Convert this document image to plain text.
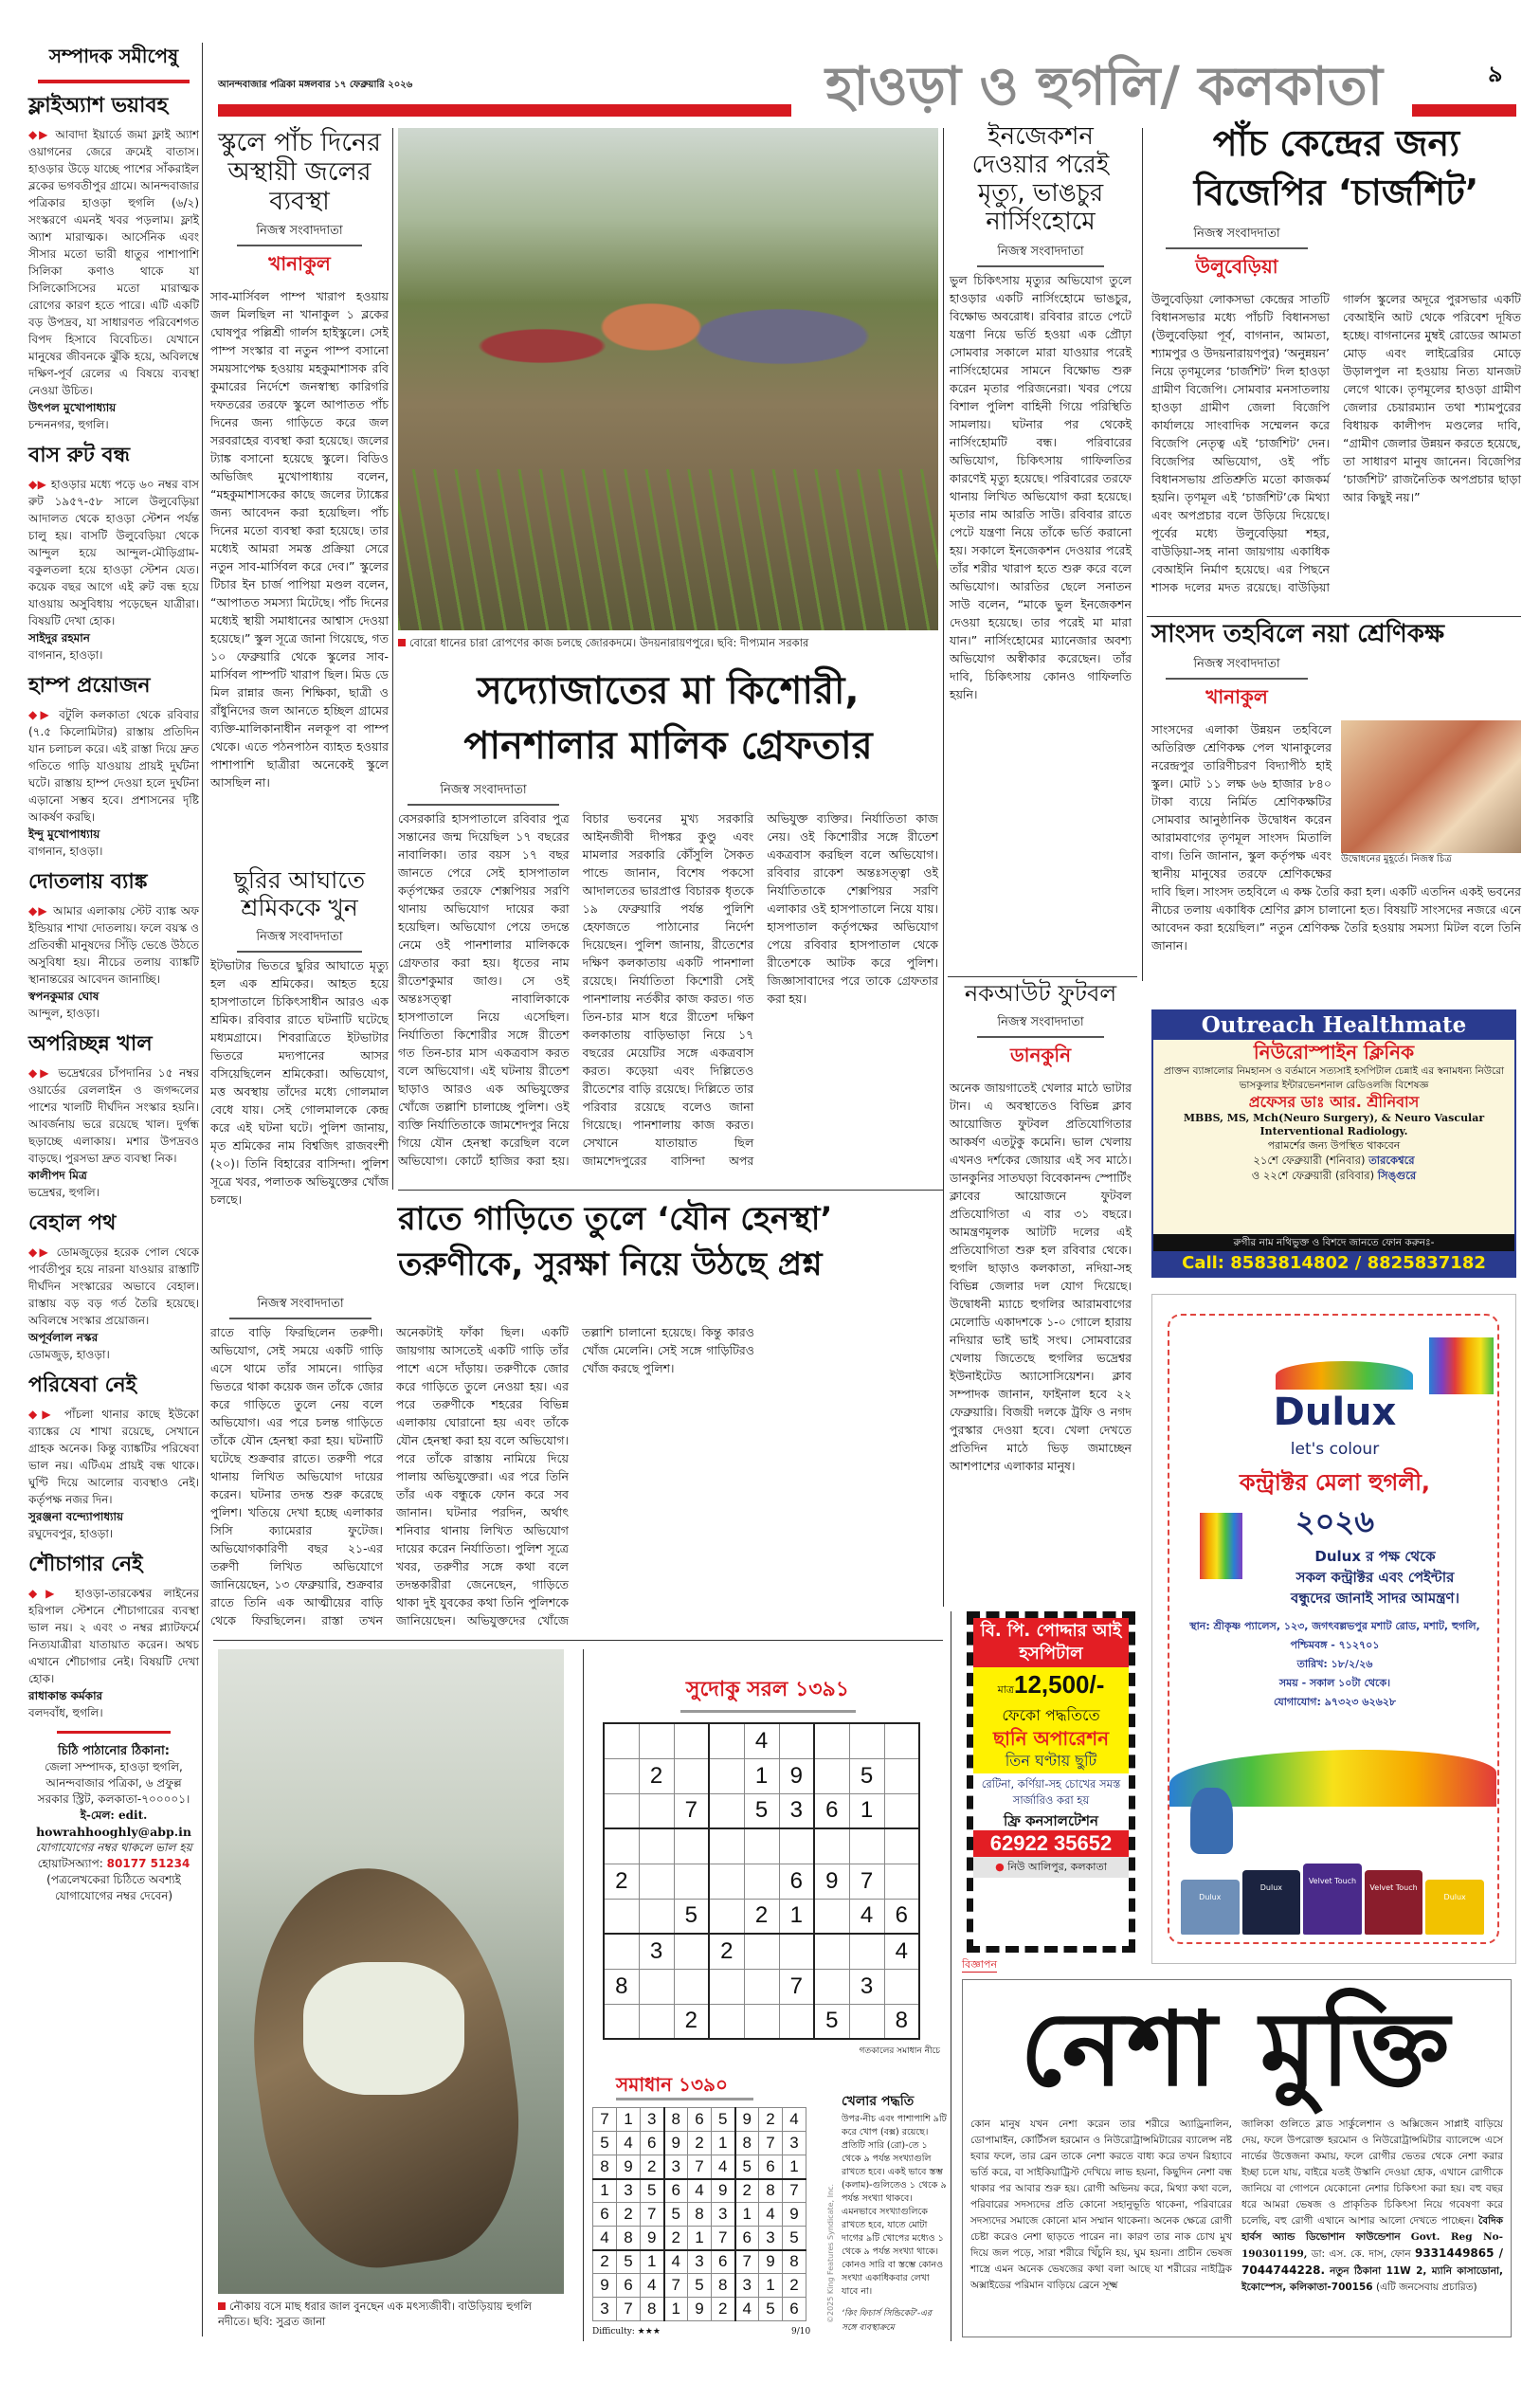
আনন্দবাজার পত্রিকা মঙ্গলবার ১৭ ফেব্রুয়ারি ২০২৬	হাওড়া ও হুগলি/ কলকাতা	৯
সম্পাদক সমীপেষু
ফ্লাইঅ্যাশ ভয়াবহ
◆▶ আবাদা ইয়ার্ডে জমা ফ্লাই অ্যাশ ওয়াগনের জেরে ক্রমেই বাতাস। হাওড়ার উড়ে যাচ্ছে পাশের সাঁকরাইল ব্লকের ভগবতীপুর গ্রামে। আনন্দবাজার পত্রিকার হাওড়া হুগলি (৬/২) সংস্করণে এমনই খবর পড়লাম। ফ্লাই অ্যাশ মারাত্মক। আর্সেনিক এবং সীসার মতো ভারী ধাতুর পাশাপাশি সিলিকা কণাও থাকে যা সিলিকোসিসের মতো মারাত্মক রোগের কারণ হতে পারে। এটি একটি বড় উপদ্রব, যা সাধারণত পরিবেশগত বিপদ হিসাবে বিবেচিত। যেখানে মানুষের জীবনকে ঝুঁকি হয়ে, অবিলম্বে দক্ষিণ-পূর্ব রেলের এ বিষয়ে ব্যবস্থা নেওয়া উচিত।
উৎপল মুখোপাধ্যায়
চন্দননগর, হুগলি।
বাস রুট বন্ধ
◆▶ হাওড়ার মধ্যে পড়ে ৬০ নম্বর বাস রুট ১৯৫৭-৫৮ সালে উলুবেড়িয়া আদালত থেকে হাওড়া স্টেশন পর্যন্ত চালু হয়। বাসটি উলুবেড়িয়া থেকে আন্দুল হয়ে আন্দুল-মৌড়িগ্রাম-বকুলতলা হয়ে হাওড়া স্টেশন যেত। কয়েক বছর আগে এই রুট বন্ধ হয়ে যাওয়ায় অসুবিধায় পড়েছেন যাত্রীরা। বিষয়টি দেখা হোক।
সাইদুর রহমান
বাগনান, হাওড়া।
হাম্প প্রয়োজন
◆▶ বটুলি কলকাতা থেকে রবিবার (৭.৫ কিলোমিটার) রাস্তায় প্রতিদিন যান চলাচল করে। এই রাস্তা দিয়ে দ্রুত গতিতে গাড়ি যাওয়ায় প্রায়ই দুর্ঘটনা ঘটে। রাস্তায় হাম্প দেওয়া হলে দুর্ঘটনা এড়ানো সম্ভব হবে। প্রশাসনের দৃষ্টি আকর্ষণ করছি।
ইন্দু মুখোপাধ্যায়
বাগনান, হাওড়া।
দোতলায় ব্যাঙ্ক
◆▶ আমার এলাকায় স্টেট ব্যাঙ্ক অফ ইন্ডিয়ার শাখা দোতলায়। ফলে বয়স্ক ও প্রতিবন্ধী মানুষদের সিঁড়ি ভেঙে উঠতে অসুবিধা হয়। নীচের তলায় ব্যাঙ্কটি স্থানান্তরের আবেদন জানাচ্ছি।
স্বপনকুমার ঘোষ
আন্দুল, হাওড়া।
অপরিচ্ছন্ন খাল
◆▶ ভদ্রেশ্বরের চাঁপদানির ১৫ নম্বর ওয়ার্ডের রেললাইন ও জগদ্দলের পাশের খালটি দীর্ঘদিন সংস্কার হয়নি। আবর্জনায় ভরে রয়েছে খাল। দুর্গন্ধ ছড়াচ্ছে এলাকায়। মশার উপদ্রবও বাড়ছে। পুরসভা দ্রুত ব্যবস্থা নিক।
কালীপদ মিত্র
ভদ্রেশ্বর, হুগলি।
বেহাল পথ
◆▶ ডোমজুড়ের হরেক পোল থেকে পার্বতীপুর হয়ে নারনা যাওয়ার রাস্তাটি দীর্ঘদিন সংস্কারের অভাবে বেহাল। রাস্তায় বড় বড় গর্ত তৈরি হয়েছে। অবিলম্বে সংস্কার প্রয়োজন।
অপূর্বলাল নস্কর
ডোমজুড়, হাওড়া।
পরিষেবা নেই
◆▶ পাঁচলা থানার কাছে ইউকো ব্যাঙ্কের যে শাখা রয়েছে, সেখানে গ্রাহক অনেক। কিন্তু ব্যাঙ্কটির পরিষেবা ভাল নয়। এটিএম প্রায়ই বন্ধ থাকে। ঘুণ্টি দিয়ে আলোর ব্যবস্থাও নেই। কর্তৃপক্ষ নজর দিন।
সুরঞ্জনা বন্দ্যোপাধ্যায়
রঘুদেবপুর, হাওড়া।
শৌচাগার নেই
◆▶ হাওড়া-তারকেশ্বর লাইনের হরিপাল স্টেশনে শৌচাগারের ব্যবস্থা ভাল নয়। ২ এবং ৩ নম্বর প্ল্যাটফর্মে নিত্যযাত্রীরা যাতায়াত করেন। অথচ এখানে শৌচাগার নেই। বিষয়টি দেখা হোক।
রাধাকান্ত কর্মকার
বলদবাঁধ, হুগলি।
চিঠি পাঠানোর ঠিকানা:
জেলা সম্পাদক, হাওড়া হুগলি, আনন্দবাজার পত্রিকা, ৬ প্রফুল্ল সরকার স্ট্রিট, কলকাতা-৭০০০০১।
ই-মেল: edit.
howrahhooghly@abp.in
যোগাযোগের নম্বর থাকলে ভাল হয়
হোয়াটসঅ্যাপ: 80177 51234
(পত্রলেখকেরা চিঠিতে অবশ্যই যোগাযোগের নম্বর দেবেন)
স্কুলে পাঁচ দিনের অস্থায়ী জলের ব্যবস্থা
নিজস্ব সংবাদদাতা
খানাকুল
সাব-মার্সিবল পাম্প খারাপ হওয়ায় জল মিলছিল না খানাকুল ১ ব্লকের ঘোষপুর পল্লিশ্রী গার্লস হাইস্কুলে। সেই পাম্প সংস্কার বা নতুন পাম্প বসানো সময়সাপেক্ষ হওয়ায় মহকুমাশাসক রবি কুমারের নির্দেশে জনস্বাস্থ্য কারিগরি দফতরের তরফে স্কুলে আপাতত পাঁচ দিনের জন্য গাড়িতে করে জল সরবরাহের ব্যবস্থা করা হয়েছে। জলের ট্যাঙ্ক বসানো হয়েছে স্কুলে। বিডিও অভিজিৎ মুখোপাধ্যায় বলেন, “মহকুমাশাসকের কাছে জলের ট্যাঙ্কের জন্য আবেদন করা হয়েছিল। পাঁচ দিনের মতো ব্যবস্থা করা হয়েছে। তার মধ্যেই আমরা সমস্ত প্রক্রিয়া সেরে নতুন সাব-মার্সিবল করে দেব।” স্কুলের টিচার ইন চার্জ পাপিয়া মণ্ডল বলেন, “আপাতত সমস্যা মিটেছে। পাঁচ দিনের মধ্যেই স্থায়ী সমাধানের আশ্বাস দেওয়া হয়েছে।” স্কুল সূত্রে জানা গিয়েছে, গত ১০ ফেব্রুয়ারি থেকে স্কুলের সাব-মার্সিবল পাম্পটি খারাপ ছিল। মিড ডে মিল রান্নার জন্য শিক্ষিকা, ছাত্রী ও রাঁধুনিদের জল আনতে হচ্ছিল গ্রামের ব্যক্তি-মালিকানাধীন নলকূপ বা পাম্প থেকে। এতে পঠনপাঠন ব্যাহত হওয়ার পাশাপাশি ছাত্রীরা অনেকেই স্কুলে আসছিল না।
ছুরির আঘাতে শ্রমিককে খুন
নিজস্ব সংবাদদাতা
ইটভাটার ভিতরে ছুরির আঘাতে মৃত্যু হল এক শ্রমিকের। আহত হয়ে হাসপাতালে চিকিৎসাধীন আরও এক শ্রমিক। রবিবার রাতে ঘটনাটি ঘটেছে মধ্যমগ্রামে। শিবরাত্রিতে ইটভাটার ভিতরে মদ্যপানের আসর বসিয়েছিলেন শ্রমিকেরা। অভিযোগ, মত্ত অবস্থায় তাঁদের মধ্যে গোলমাল বেধে যায়। সেই গোলমালকে কেন্দ্র করে এই ঘটনা ঘটে। পুলিশ জানায়, মৃত শ্রমিকের নাম বিশ্বজিৎ রাজবংশী (২০)। তিনি বিহারের বাসিন্দা। পুলিশ সূত্রে খবর, পলাতক অভিযুক্তের খোঁজ চলছে।
বোরো ধানের চারা রোপণের কাজ চলছে জোরকদমে। উদয়নারায়ণপুরে। ছবি: দীপ্যমান সরকার
সদ্যোজাতের মা কিশোরী, পানশালার মালিক গ্রেফতার
নিজস্ব সংবাদদাতা
বেসরকারি হাসপাতালে রবিবার পুত্র সন্তানের জন্ম দিয়েছিল ১৭ বছরের নাবালিকা। তার বয়স ১৭ বছর জানতে পেরে সেই হাসপাতাল কর্তৃপক্ষের তরফে শেক্সপিয়র সরণি থানায় অভিযোগ দায়ের করা হয়েছিল। অভিযোগ পেয়ে তদন্তে নেমে ওই পানশালার মালিককে গ্রেফতার করা হয়। ধৃতের নাম রীতেশকুমার জাগু। সে ওই অন্তঃসত্ত্বা নাবালিকাকে হাসপাতালে নিয়ে এসেছিল। নির্যাতিতা কিশোরীর সঙ্গে রীতেশ গত তিন-চার মাস একত্রবাস করত বলে অভিযোগ। এই ঘটনায় রীতেশ ছাড়াও আরও এক অভিযুক্তের খোঁজে তল্লাশি চালাচ্ছে পুলিশ। ওই ব্যক্তি নির্যাতিতাকে জামশেদপুর নিয়ে গিয়ে যৌন হেনস্থা করেছিল বলে অভিযোগ। কোর্টে হাজির করা হয়। বিচার ভবনের মুখ্য সরকারি আইনজীবী দীপঙ্কর কুণ্ডু এবং মামলার সরকারি কৌঁসুলি সৈকত পান্ডে জানান, বিশেষ পকসো আদালতের ভারপ্রাপ্ত বিচারক ধৃতকে ১৯ ফেব্রুয়ারি পর্যন্ত পুলিশি হেফাজতে পাঠানোর নির্দেশ দিয়েছেন। পুলিশ জানায়, রীতেশের দক্ষিণ কলকাতায় একটি পানশালা রয়েছে। নির্যাতিতা কিশোরী সেই পানশালায় নর্তকীর কাজ করত। গত তিন-চার মাস ধরে রীতেশ দক্ষিণ কলকাতায় বাড়িভাড়া নিয়ে ১৭ বছরের মেয়েটির সঙ্গে একত্রবাস করত। কড়েয়া এবং দিল্লিতেও রীতেশের বাড়ি রয়েছে। দিল্লিতে তার পরিবার রয়েছে বলেও জানা গিয়েছে। পানশালায় কাজ করত। সেখানে যাতায়াত ছিল জামশেদপুরের বাসিন্দা অপর অভিযুক্ত ব্যক্তির। নির্যাতিতা কাজ নেয়। ওই কিশোরীর সঙ্গে রীতেশ একত্রবাস করছিল বলে অভিযোগ। রবিবার রাকেশ অন্তঃসত্ত্বা ওই নির্যাতিতাকে শেক্সপিয়র সরণি এলাকার ওই হাসপাতালে নিয়ে যায়। হাসপাতাল কর্তৃপক্ষের অভিযোগ পেয়ে রবিবার হাসপাতাল থেকে রীতেশকে আটক করে পুলিশ। জিজ্ঞাসাবাদের পরে তাকে গ্রেফতার করা হয়।
ইনজেকশন দেওয়ার পরেই মৃত্যু, ভাঙচুর নার্সিংহোমে
নিজস্ব সংবাদদাতা
ভুল চিকিৎসায় মৃত্যুর অভিযোগ তুলে হাওড়ার একটি নার্সিংহোমে ভাঙচুর, বিক্ষোভ অবরোধ। রবিবার রাতে পেটে যন্ত্রণা নিয়ে ভর্তি হওয়া এক প্রৌঢ়া সোমবার সকালে মারা যাওয়ার পরেই নার্সিংহোমের সামনে বিক্ষোভ শুরু করেন মৃতার পরিজনেরা। খবর পেয়ে বিশাল পুলিশ বাহিনী গিয়ে পরিস্থিতি সামলায়। ঘটনার পর থেকেই নার্সিংহোমটি বন্ধ। পরিবারের অভিযোগ, চিকিৎসায় গাফিলতির কারণেই মৃত্যু হয়েছে। পরিবারের তরফে থানায় লিখিত অভিযোগ করা হয়েছে। মৃতার নাম আরতি সাউ। রবিবার রাতে পেটে যন্ত্রণা নিয়ে তাঁকে ভর্তি করানো হয়। সকালে ইনজেকশন দেওয়ার পরেই তাঁর শরীর খারাপ হতে শুরু করে বলে অভিযোগ। আরতির ছেলে সনাতন সাউ বলেন, “মাকে ভুল ইনজেকশন দেওয়া হয়েছে। তার পরেই মা মারা যান।” নার্সিংহোমের ম্যানেজার অবশ্য অভিযোগ অস্বীকার করেছেন। তাঁর দাবি, চিকিৎসায় কোনও গাফিলতি হয়নি।
পাঁচ কেন্দ্রের জন্য বিজেপির ‘চার্জশিট’
নিজস্ব সংবাদদাতা
উলুবেড়িয়া
উলুবেড়িয়া লোকসভা কেন্দ্রের সাতটি বিধানসভার মধ্যে পাঁচটি বিধানসভা (উলুবেড়িয়া পূর্ব, বাগনান, আমতা, শ্যামপুর ও উদয়নারায়ণপুর) ‘অনুন্নয়ন’ নিয়ে তৃণমূলের ‘চার্জশিট’ দিল হাওড়া গ্রামীণ বিজেপি। সোমবার মনসাতলায় হাওড়া গ্রামীণ জেলা বিজেপি কার্যালয়ে সাংবাদিক সম্মেলন করে বিজেপি নেতৃত্ব এই ‘চার্জশিট’ দেন। বিজেপির অভিযোগ, ওই পাঁচ বিধানসভায় প্রতিশ্রুতি মতো কাজকর্ম হয়নি। তৃণমূল এই ‘চার্জশিট’কে মিথ্যা এবং অপপ্রচার বলে উড়িয়ে দিয়েছে। পূর্বের মধ্যে উলুবেড়িয়া শহর, বাউড়িয়া-সহ নানা জায়গায় একাধিক বেআইনি নির্মাণ হয়েছে। এর পিছনে শাসক দলের মদত রয়েছে। বাউড়িয়া গার্লস স্কুলের অদূরে পুরসভার একটি বেআইনি আট থেকে পরিবেশ দূষিত হচ্ছে। বাগনানের মুম্বই রোডের আমতা মোড় এবং লাইব্রেরির মোড়ে উড়ালপুল না হওয়ায় নিত্য যানজট লেগে থাকে। তৃণমূলের হাওড়া গ্রামীণ জেলার চেয়ারম্যান তথা শ্যামপুরের বিধায়ক কালীপদ মণ্ডলের দাবি, “গ্রামীণ জেলার উন্নয়ন করতে হয়েছে, তা সাধারণ মানুষ জানেন। বিজেপির ‘চার্জশিট’ রাজনৈতিক অপপ্রচার ছাড়া আর কিছুই নয়।”
সাংসদ তহবিলে নয়া শ্রেণিকক্ষ
নিজস্ব সংবাদদাতা
খানাকুল
উদ্বোধনের মুহূর্তে। নিজস্ব চিত্র
সাংসদের এলাকা উন্নয়ন তহবিলে অতিরিক্ত শ্রেণিকক্ষ পেল খানাকুলের নরেন্দ্রপুর তারিণীচরণ বিদ্যাপীঠ হাই স্কুল। মোট ১১ লক্ষ ৬৬ হাজার ৮৪০ টাকা ব্যয়ে নির্মিত শ্রেণিকক্ষটির সোমবার আনুষ্ঠানিক উদ্বোধন করেন আরামবাগের তৃণমূল সাংসদ মিতালি বাগ। তিনি জানান, স্কুল কর্তৃপক্ষ এবং স্থানীয় মানুষের তরফে শ্রেণিকক্ষের দাবি ছিল। সাংসদ তহবিলে এ কক্ষ তৈরি করা হল। একটি এতদিন একই ভবনের নীচের তলায় একাধিক শ্রেণির ক্লাস চালানো হত। বিষয়টি সাংসদের নজরে এনে আবেদন করা হয়েছিল।” নতুন শ্রেণিকক্ষ তৈরি হওয়ায় সমস্যা মিটল বলে তিনি জানান।
নকআউট ফুটবল
নিজস্ব সংবাদদাতা
ডানকুনি
অনেক জায়গাতেই খেলার মাঠে ভাটার টান। এ অবস্থাতেও বিভিন্ন ক্লাব আয়োজিত ফুটবল প্রতিযোগিতার আকর্ষণ এতটুকু কমেনি। ভাল খেলায় এখনও দর্শকের জোয়ার এই সব মাঠে। ডানকুনির সাতঘড়া বিবেকানন্দ স্পোর্টিং ক্লাবের আয়োজনে ফুটবল প্রতিযোগিতা এ বার ৩১ বছরে। আমন্ত্রণমূলক আটটি দলের এই প্রতিযোগিতা শুরু হল রবিবার থেকে। হুগলি ছাড়াও কলকাতা, নদিয়া-সহ বিভিন্ন জেলার দল যোগ দিয়েছে। উদ্বোধনী ম্যাচে হুগলির আরামবাগের মেলোডি একাদশকে ১-০ গোলে হারায় নদিয়ার ভাই ভাই সংঘ। সোমবারের খেলায় জিতেছে হুগলির ভদ্রেশ্বর ইউনাইটেড অ্যাসোসিয়েশন। ক্লাব সম্পাদক জানান, ফাইনাল হবে ২২ ফেব্রুয়ারি। বিজয়ী দলকে ট্রফি ও নগদ পুরস্কার দেওয়া হবে। খেলা দেখতে প্রতিদিন মাঠে ভিড় জমাচ্ছেন আশপাশের এলাকার মানুষ।
রাতে গাড়িতে তুলে ‘যৌন হেনস্থা’ তরুণীকে, সুরক্ষা নিয়ে উঠছে প্রশ্ন
নিজস্ব সংবাদদাতা
রাতে বাড়ি ফিরছিলেন তরুণী। অভিযোগ, সেই সময়ে একটি গাড়ি এসে থামে তাঁর সামনে। গাড়ির ভিতরে থাকা কয়েক জন তাঁকে জোর করে গাড়িতে তুলে নেয় বলে অভিযোগ। এর পরে চলন্ত গাড়িতে তাঁকে যৌন হেনস্থা করা হয়। ঘটনাটি ঘটেছে শুক্রবার রাতে। তরুণী পরে থানায় লিখিত অভিযোগ দায়ের করেন। ঘটনার তদন্ত শুরু করেছে পুলিশ। খতিয়ে দেখা হচ্ছে এলাকার সিসি ক্যামেরার ফুটেজ। অভিযোগকারিণী বছর ২১-এর তরুণী লিখিত অভিযোগে জানিয়েছেন, ১৩ ফেব্রুয়ারি, শুক্রবার রাতে তিনি এক আত্মীয়ের বাড়ি থেকে ফিরছিলেন। রাস্তা তখন অনেকটাই ফাঁকা ছিল। একটি জায়গায় আসতেই একটি গাড়ি তাঁর পাশে এসে দাঁড়ায়। তরুণীকে জোর করে গাড়িতে তুলে নেওয়া হয়। এর পরে তরুণীকে শহরের বিভিন্ন এলাকায় ঘোরানো হয় এবং তাঁকে যৌন হেনস্থা করা হয় বলে অভিযোগ। পরে তাঁকে রাস্তায় নামিয়ে দিয়ে পালায় অভিযুক্তেরা। এর পরে তিনি তাঁর এক বন্ধুকে ফোন করে সব জানান। ঘটনার পরদিন, অর্থাৎ শনিবার থানায় লিখিত অভিযোগ দায়ের করেন নির্যাতিতা। পুলিশ সূত্রে খবর, তরুণীর সঙ্গে কথা বলে তদন্তকারীরা জেনেছেন, গাড়িতে থাকা দুই যুবকের কথা তিনি পুলিশকে জানিয়েছেন। অভিযুক্তদের খোঁজে তল্লাশি চালানো হয়েছে। কিন্তু কারও খোঁজ মেলেনি। সেই সঙ্গে গাড়িটিরও খোঁজ করছে পুলিশ।
নৌকায় বসে মাছ ধরার জাল বুনছেন এক মৎস্যজীবী। বাউড়িয়ায় হুগলি নদীতে। ছবি: সুব্রত জানা
সুদোকু সরল ১৩৯১
				4				
	2			1	9		5	
		7		5	3	6	1	

2					6	9	7	
		5		2	1		4	6
	3		2					4
8					7		3	
		2				5		8
গতকালের সমাধান নীচে
সমাধান ১৩৯০
7	1	3	8	6	5	9	2	4
5	4	6	9	2	1	8	7	3
8	9	2	3	7	4	5	6	1
1	3	5	6	4	9	2	8	7
6	2	7	5	8	3	1	4	9
4	8	9	2	1	7	6	3	5
2	5	1	4	3	6	7	9	8
9	6	4	7	5	8	3	1	2
3	7	8	1	9	2	4	5	6
Difficulty: ★★★	9/10
©2025 King Features Syndicate, Inc.
খেলার পদ্ধতি
উপর-নীচ এবং পাশাপাশি ৯টি করে খোপ (বক্স) রয়েছে। প্রতিটি সারি (রো)-তে ১ থেকে ৯ পর্যন্ত সংখ্যাগুলি রাখতে হবে। একই ভাবে স্তম্ভ (কলাম)-গুলিতেও ১ থেকে ৯ পর্যন্ত সংখ্যা থাকবে। এমনভাবে সংখ্যাগুলিকে রাখতে হবে, যাতে মোটা দাগের ৯টি খোপের মধ্যেও ১ থেকে ৯ পর্যন্ত সংখ্যা থাকে। কোনও সারি বা স্তম্ভে কোনও সংখ্যা একাধিকবার লেখা যাবে না।
‘কিং ফিচার্স সিন্ডিকেট’-এর সঙ্গে ব্যবস্থাক্রমে
Outreach Healthmate
নিউরোস্পাইন ক্লিনিক
প্রাক্তন ব্যাঙ্গালোর নিমহানস ও বর্তমানে সত্যসাই হসপিটাল চেন্নাই এর স্বনামধন্য নিউরো ভাসকুলার ইন্টারভেনশনাল রেডিওলজি বিশেষজ্ঞ
প্রফেসর ডাঃ আর. শ্রীনিবাস
MBBS, MS, Mch(Neuro Surgery), & Neuro Vascular Interventional Radiology.
পরামর্শের জন্য উপস্থিত থাকবেন
২১শে ফেব্রুয়ারী (শনিবার) তারকেশ্বরে
ও ২২শে ফেব্রুয়ারী (রবিবার) সিঙ্গুরে
রুগীর নাম নথিভুক্ত ও বিশদে জানতে ফোন করুনঃ-
Call: 8583814802 / 8825837182
Dulux
let's colour
কন্ট্রাক্টর মেলা হুগলী,
২০২৬
Dulux র পক্ষ থেকে
সকল কন্ট্রাক্টর এবং পেইন্টার
বন্ধুদের জানাই সাদর আমন্ত্রণ।
স্থান: শ্রীকৃষ্ণ প্যালেস, ১২৩, জগৎবল্লভপুর মশাট রোড, মশাট, হুগলি, পশ্চিমবঙ্গ - ৭১২৭০১
তারিখ: ১৮/২/২৬
সময় - সকাল ১০টা থেকে।
যোগাযোগ: ৯৭৩২৩ ৬২৬২৮
Dulux
Dulux
Velvet Touch
Velvet Touch
Dulux
বি. পি. পোদ্দার আই হসপিটাল
মাত্র12,500/-
ফেকো পদ্ধতিতে
ছানি অপারেশন
তিন ঘণ্টায় ছুটি
রেটিনা, কর্ণিয়া-সহ চোখের সমস্ত সার্জারিও করা হয়
ফ্রি কনসালটেশন
62922 35652
● নিউ আলিপুর, কলকাতা
বিজ্ঞাপন
নেশা মুক্তি
কোন মানুষ যখন নেশা করেন তার শরীরে অ্যাড্রিনালিন, ডোপামাইন, কোর্টিসল হরমোন ও নিউরোট্রান্সমিটারের ব্যালেন্স নষ্ট হবার ফলে, তার ব্রেন তাকে নেশা করতে বাধ্য করে তখন রিহ্যাবে ভর্তি করে, বা সাইকিয়াট্রিস্ট দেখিয়ে লাভ হয়না, কিছুদিন নেশা বন্ধ থাকার পর আবার শুরু হয়। রোগী অভিনয় করে, মিথ্যা কথা বলে, পরিবারের সদস্যদের প্রতি কোনো সহানুভূতি থাকেনা, পরিবারের সদস্যদের সমাজে কোনো মান সম্মান থাকেনা। অনেক ক্ষেত্রে রোগী চেষ্টা করেও নেশা ছাড়তে পারেন না। কারণ তার নাক চোখ মুখ দিয়ে জল পড়ে, সারা শরীরে খিঁচুনি হয়, ঘুম হয়না। প্রাচীন ভেষজ শাস্ত্রে এমন অনেক ভেষজের কথা বলা আছে যা শরীরের নাইট্রিক অক্সাইডের পরিমান বাড়িয়ে ব্রেনে সূক্ষ্ম
জালিকা গুলিতে ব্লাড সার্কুলেশান ও অক্সিজেন সাপ্লাই বাড়িয়ে দেয়, ফলে উপরোক্ত হরমোন ও নিউরোট্রান্সমিটার ব্যালেন্সে এসে নার্ভের উত্তেজনা কমায়, ফলে রোগীর ভেতর থেকে নেশা করার ইচ্ছা চলে যায়, বাইরে যতই উস্কানি দেওয়া হোক, এখানে রোগীকে জানিয়ে বা গোপনে যেকোনো নেশার চিকিৎসা করা হয়। বহু বছর ধরে আমরা ভেষজ ও প্রাকৃতিক চিকিৎসা নিয়ে গবেষণা করে চলেছি, বহু রোগী এখানে আশার আলো দেখতে পাচ্ছেন। বৈদিক হার্বস অ্যান্ড ডিভোশান ফাউন্ডেশান Govt. Reg No-190301199, ডা: এস. কে. দাস, ফোন 9331449865 / 7044744228. নতুন ঠিকানা 11W 2, ম্যানি কাসাডোনা, ইকোস্পেস, কলিকাতা-700156 (এটি জনসেবায় প্রচারিত)
